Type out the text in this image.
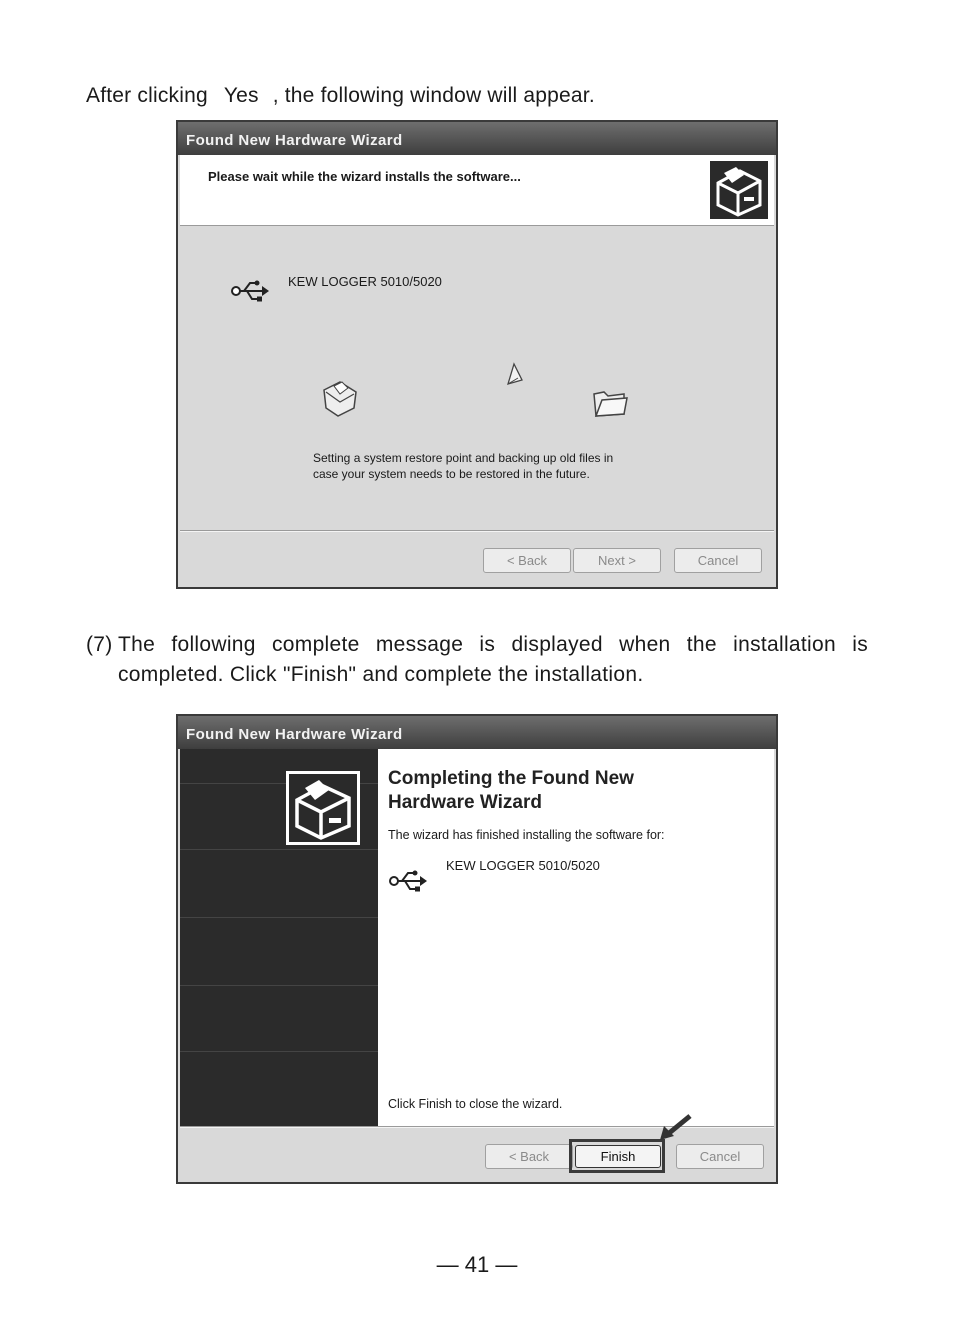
After clicking Yes , the following window will appear.
Found New Hardware Wizard
Please wait while the wizard installs the software...
KEW LOGGER 5010/5020
Setting a system restore point and backing up old files in
case your system needs to be restored in the future.
< Back	Next >	Cancel
(7) The following complete message is displayed when the installation is completed. Click "Finish" and complete the installation.
Found New Hardware Wizard
Completing the Found New
Hardware Wizard
The wizard has finished installing the software for:
KEW LOGGER 5010/5020
Click Finish to close the wizard.
< Back	Finish	Cancel
— 41 —
